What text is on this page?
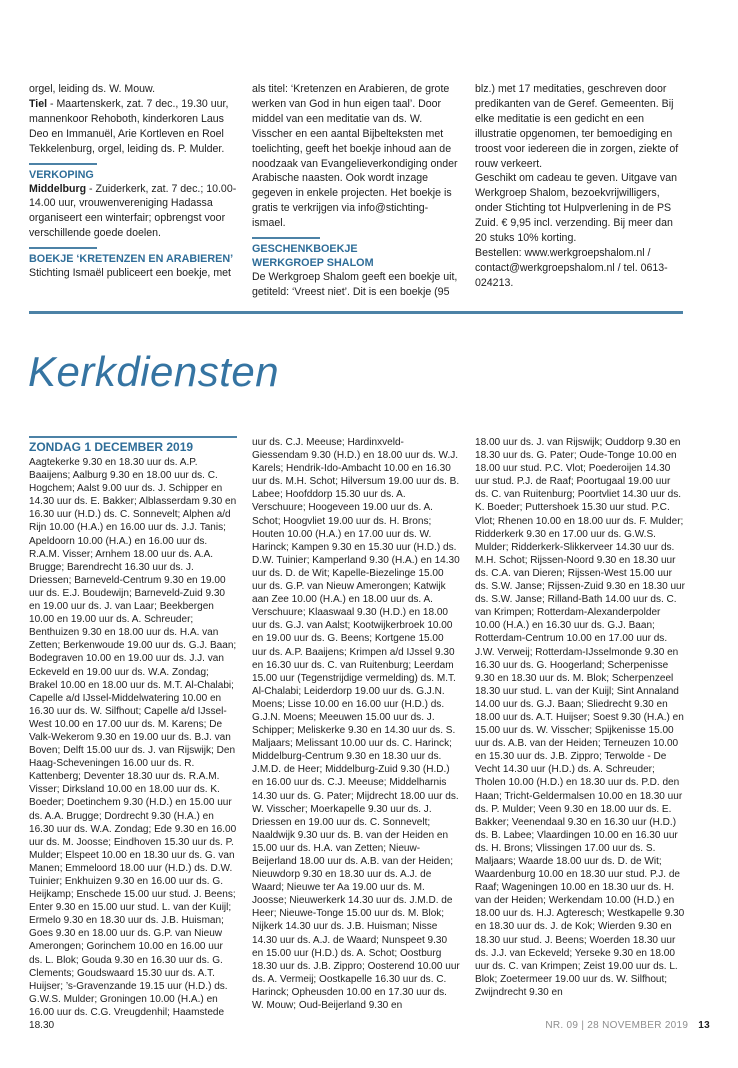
orgel, leiding ds. W. Mouw.

Tiel - Maartenskerk, zat. 7 dec., 19.30 uur, mannenkoor Rehoboth, kinderkoren Laus Deo en Immanuël, Arie Kortleven en Roel Tekkelenburg, orgel, leiding ds. P. Mulder.

VERKOPING

Middelburg - Zuiderkerk, zat. 7 dec.; 10.00-14.00 uur, vrouwenvereniging Hadassa organiseert een winterfair; opbrengst voor verschillende goede doelen.

BOEKJE ‘KRETENZEN EN ARABIEREN’

Stichting Ismaël publiceert een boekje, met

als titel: ‘Kretenzen en Arabieren, de grote werken van God in hun eigen taal’. Door middel van een meditatie van ds. W. Visscher en een aantal Bijbelteksten met toelichting, geeft het boekje inhoud aan de noodzaak van Evangelieverkondiging onder Arabische naasten. Ook wordt inzage gegeven in enkele projecten. Het boekje is gratis te verkrijgen via info@stichting-ismael.

GESCHENKBOEKJE
WERKGROEP SHALOM

De Werkgroep Shalom geeft een boekje uit, getiteld: ‘Vreest niet’. Dit is een boekje (95

blz.) met 17 meditaties, geschreven door predikanten van de Geref. Gemeenten. Bij elke meditatie is een gedicht en een illustratie opgenomen, ter bemoediging en troost voor iedereen die in zorgen, ziekte of rouw verkeert.

Geschikt om cadeau te geven. Uitgave van Werkgroep Shalom, bezoekvrijwilligers, onder Stichting tot Hulpverlening in de PS Zuid. € 9,95 incl. verzending. Bij meer dan 20 stuks 10% korting.

Bestellen: www.werkgroepshalom.nl / contact@werkgroepshalom.nl / tel. 0613-024213.

Kerkdiensten
ZONDAG 1 DECEMBER 2019

Aagtekerke 9.30 en 18.30 uur ds. A.P. Baaijens; Aalburg 9.30 en 18.00 uur ds. C. Hogchem; Aalst 9.00 uur ds. J. Schipper en 14.30 uur ds. E. Bakker; Alblasserdam 9.30 en 16.30 uur (H.D.) ds. C. Sonnevelt; Alphen a/d Rijn 10.00 (H.A.) en 16.00 uur ds. J.J. Tanis; Apeldoorn 10.00 (H.A.) en 16.00 uur ds. R.A.M. Visser; Arnhem 18.00 uur ds. A.A. Brugge; Barendrecht 16.30 uur ds. J. Driessen; Barneveld-Centrum 9.30 en 19.00 uur ds. E.J. Boudewijn; Barneveld-Zuid 9.30 en 19.00 uur ds. J. van Laar; Beekbergen 10.00 en 19.00 uur ds. A. Schreuder; Benthuizen 9.30 en 18.00 uur ds. H.A. van Zetten; Berkenwoude 19.00 uur ds. G.J. Baan; Bodegraven 10.00 en 19.00 uur ds. J.J. van Eckeveld en 19.00 uur ds. W.A. Zondag; Brakel 10.00 en 18.00 uur ds. M.T. Al-Chalabi; Capelle a/d IJssel-Middelwatering 10.00 en 16.30 uur ds. W. Silfhout; Capelle a/d IJssel-West 10.00 en 17.00 uur ds. M. Karens; De Valk-Wekerom 9.30 en 19.00 uur ds. B.J. van Boven; Delft 15.00 uur ds. J. van Rijswijk; Den Haag-Scheveningen 16.00 uur ds. R. Kattenberg; Deventer 18.30 uur ds. R.A.M. Visser; Dirksland 10.00 en 18.00 uur ds. K. Boeder; Doetinchem 9.30 (H.D.) en 15.00 uur ds. A.A. Brugge; Dordrecht 9.30 (H.A.) en 16.30 uur ds. W.A. Zondag; Ede 9.30 en 16.00 uur ds. M. Joosse; Eindhoven 15.30 uur ds. P. Mulder; Elspeet 10.00 en 18.30 uur ds. G. van Manen; Emmeloord 18.00 uur (H.D.) ds. D.W. Tuinier; Enkhuizen 9.30 en 16.00 uur ds. G. Heijkamp; Enschede 15.00 uur stud. J. Beens; Enter 9.30 en 15.00 uur stud. L. van der Kuijl; Ermelo 9.30 en 18.30 uur ds. J.B. Huisman; Goes 9.30 en 18.00 uur ds. G.P. van Nieuw Amerongen; Gorinchem 10.00 en 16.00 uur ds. L. Blok; Gouda 9.30 en 16.30 uur ds. G. Clements; Goudswaard 15.30 uur ds. A.T. Huijser; ’s-Gravenzande 19.15 uur (H.D.) ds. G.W.S. Mulder; Groningen 10.00 (H.A.) en 16.00 uur ds. C.G. Vreugdenhil; Haamstede 18.30

uur ds. C.J. Meeuse; Hardinxveld-Giessendam 9.30 (H.D.) en 18.00 uur ds. W.J. Karels; Hendrik-Ido-Ambacht 10.00 en 16.30 uur ds. M.H. Schot; Hilversum 19.00 uur ds. B. Labee; Hoofddorp 15.30 uur ds. A. Verschuure; Hoogeveen 19.00 uur ds. A. Schot; Hoogvliet 19.00 uur ds. H. Brons; Houten 10.00 (H.A.) en 17.00 uur ds. W. Harinck; Kampen 9.30 en 15.30 uur (H.D.) ds. D.W. Tuinier; Kamperland 9.30 (H.A.) en 14.30 uur ds. D. de Wit; Kapelle-Biezelinge 15.00 uur ds. G.P. van Nieuw Amerongen; Katwijk aan Zee 10.00 (H.A.) en 18.00 uur ds. A. Verschuure; Klaaswaal 9.30 (H.D.) en 18.00 uur ds. G.J. van Aalst; Kootwijkerbroek 10.00 en 19.00 uur ds. G. Beens; Kortgene 15.00 uur ds. A.P. Baaijens; Krimpen a/d IJssel 9.30 en 16.30 uur ds. C. van Ruitenburg; Leerdam 15.00 uur (Tegenstrijdige vermelding) ds. M.T. Al-Chalabi; Leiderdorp 19.00 uur ds. G.J.N. Moens; Lisse 10.00 en 16.00 uur (H.D.) ds. G.J.N. Moens; Meeuwen 15.00 uur ds. J. Schipper; Meliskerke 9.30 en 14.30 uur ds. S. Maljaars; Melissant 10.00 uur ds. C. Harinck; Middelburg-Centrum 9.30 en 18.30 uur ds. J.M.D. de Heer; Middelburg-Zuid 9.30 (H.D.) en 16.00 uur ds. C.J. Meeuse; Middelharnis 14.30 uur ds. G. Pater; Mijdrecht 18.00 uur ds. W. Visscher; Moerkapelle 9.30 uur ds. J. Driessen en 19.00 uur ds. C. Sonnevelt; Naaldwijk 9.30 uur ds. B. van der Heiden en 15.00 uur ds. H.A. van Zetten; Nieuw-Beijerland 18.00 uur ds. A.B. van der Heiden; Nieuwdorp 9.30 en 18.30 uur ds. A.J. de Waard; Nieuwe ter Aa 19.00 uur ds. M. Joosse; Nieuwerkerk 14.30 uur ds. J.M.D. de Heer; Nieuwe-Tonge 15.00 uur ds. M. Blok; Nijkerk 14.30 uur ds. J.B. Huisman; Nisse 14.30 uur ds. A.J. de Waard; Nunspeet 9.30 en 15.00 uur (H.D.) ds. A. Schot; Oostburg 18.30 uur ds. J.B. Zippro; Oosterend 10.00 uur ds. A. Vermeij; Oostkapelle 16.30 uur ds. C. Harinck; Opheusden 10.00 en 17.30 uur ds. W. Mouw; Oud-Beijerland 9.30 en

18.00 uur ds. J. van Rijswijk; Ouddorp 9.30 en 18.30 uur ds. G. Pater; Oude-Tonge 10.00 en 18.00 uur stud. P.C. Vlot; Poederoijen 14.30 uur stud. P.J. de Raaf; Poortugaal 19.00 uur ds. C. van Ruitenburg; Poortvliet 14.30 uur ds. K. Boeder; Puttershoek 15.30 uur stud. P.C. Vlot; Rhenen 10.00 en 18.00 uur ds. F. Mulder; Ridderkerk 9.30 en 17.00 uur ds. G.W.S. Mulder; Ridderkerk-Slikkerveer 14.30 uur ds. M.H. Schot; Rijssen-Noord 9.30 en 18.30 uur ds. C.A. van Dieren; Rijssen-West 15.00 uur ds. S.W. Janse; Rijssen-Zuid 9.30 en 18.30 uur ds. S.W. Janse; Rilland-Bath 14.00 uur ds. C. van Krimpen; Rotterdam-Alexanderpolder 10.00 (H.A.) en 16.30 uur ds. G.J. Baan; Rotterdam-Centrum 10.00 en 17.00 uur ds. J.W. Verweij; Rotterdam-IJsselmonde 9.30 en 16.30 uur ds. G. Hoogerland; Scherpenisse 9.30 en 18.30 uur ds. M. Blok; Scherpenzeel 18.30 uur stud. L. van der Kuijl; Sint Annaland 14.00 uur ds. G.J. Baan; Sliedrecht 9.30 en 18.00 uur ds. A.T. Huijser; Soest 9.30 (H.A.) en 15.00 uur ds. W. Visscher; Spijkenisse 15.00 uur ds. A.B. van der Heiden; Terneuzen 10.00 en 15.30 uur ds. J.B. Zippro; Terwolde - De Vecht 14.30 uur (H.D.) ds. A. Schreuder; Tholen 10.00 (H.D.) en 18.30 uur ds. P.D. den Haan; Tricht-Geldermalsen 10.00 en 18.30 uur ds. P. Mulder; Veen 9.30 en 18.00 uur ds. E. Bakker; Veenendaal 9.30 en 16.30 uur (H.D.) ds. B. Labee; Vlaardingen 10.00 en 16.30 uur ds. H. Brons; Vlissingen 17.00 uur ds. S. Maljaars; Waarde 18.00 uur ds. D. de Wit; Waardenburg 10.00 en 18.30 uur stud. P.J. de Raaf; Wageningen 10.00 en 18.30 uur ds. H. van der Heiden; Werkendam 10.00 (H.D.) en 18.00 uur ds. H.J. Agteresch; Westkapelle 9.30 en 18.30 uur ds. J. de Kok; Wierden 9.30 en 18.30 uur stud. J. Beens; Woerden 18.30 uur ds. J.J. van Eckeveld; Yerseke 9.30 en 18.00 uur ds. C. van Krimpen; Zeist 19.00 uur ds. L. Blok; Zoetermeer 19.00 uur ds. W. Silfhout; Zwijndrecht 9.30 en

NR. 09 | 28 NOVEMBER 2019 13
